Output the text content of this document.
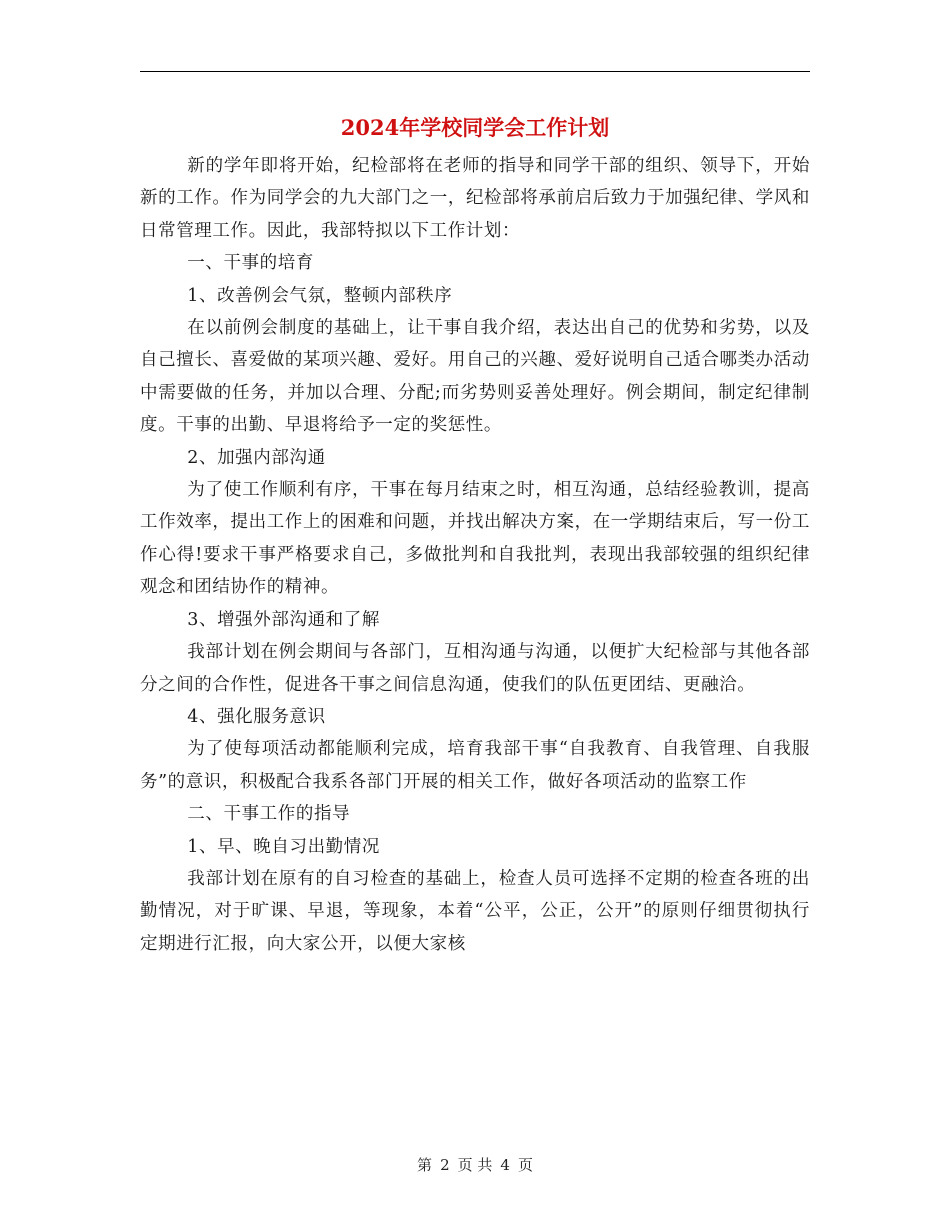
2024年学校同学会工作计划

新的学年即将开始，纪检部将在老师的指导和同学干部的组织、领导下，开始新的工作。作为同学会的九大部门之一，纪检部将承前启后致力于加强纪律、学风和日常管理工作。因此，我部特拟以下工作计划：

一、干事的培育

1、改善例会气氛，整顿内部秩序

在以前例会制度的基础上，让干事自我介绍，表达出自己的优势和劣势，以及自己擅长、喜爱做的某项兴趣、爱好。用自己的兴趣、爱好说明自己适合哪类办活动中需要做的任务，并加以合理、分配;而劣势则妥善处理好。例会期间，制定纪律制度。干事的出勤、早退将给予一定的奖惩性。

2、加强内部沟通

为了使工作顺利有序，干事在每月结束之时，相互沟通，总结经验教训，提高工作效率，提出工作上的困难和问题，并找出解决方案，在一学期结束后，写一份工作心得!要求干事严格要求自己，多做批判和自我批判，表现出我部较强的组织纪律观念和团结协作的精神。

3、增强外部沟通和了解

我部计划在例会期间与各部门，互相沟通与沟通，以便扩大纪检部与其他各部分之间的合作性，促进各干事之间信息沟通，使我们的队伍更团结、更融洽。

4、强化服务意识

为了使每项活动都能顺利完成，培育我部干事“自我教育、自我管理、自我服务”的意识，积极配合我系各部门开展的相关工作，做好各项活动的监察工作

二、干事工作的指导

1、早、晚自习出勤情况

我部计划在原有的自习检查的基础上，检查人员可选择不定期的检查各班的出勤情况，对于旷课、早退，等现象，本着“公平，公正，公开”的原则仔细贯彻执行定期进行汇报，向大家公开，以便大家核

第 2 页 共 4 页
